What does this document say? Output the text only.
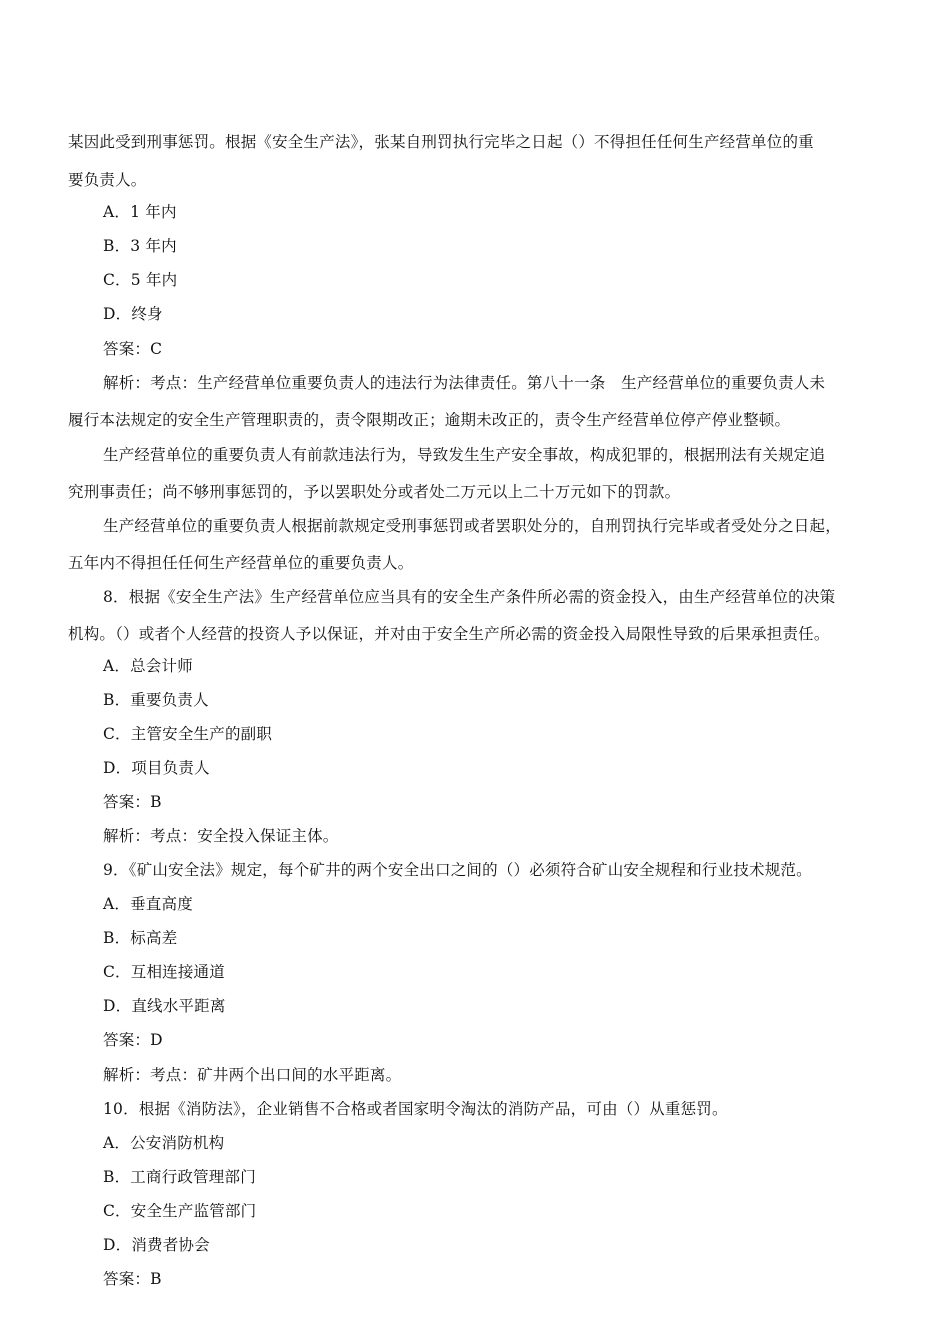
某因此受到刑事惩罚。根据《安全生产法》，张某自刑罚执行完毕之日起（）不得担任任何生产经营单位的重
要负责人。
A．1 年内
B．3 年内
C．5 年内
D．终身
答案：C
解析：考点：生产经营单位重要负责人的违法行为法律责任。第八十一条　生产经营单位的重要负责人未
履行本法规定的安全生产管理职责的，责令限期改正；逾期未改正的，责令生产经营单位停产停业整顿。
生产经营单位的重要负责人有前款违法行为，导致发生生产安全事故，构成犯罪的，根据刑法有关规定追
究刑事责任；尚不够刑事惩罚的，予以罢职处分或者处二万元以上二十万元如下的罚款。
生产经营单位的重要负责人根据前款规定受刑事惩罚或者罢职处分的，自刑罚执行完毕或者受处分之日起，
五年内不得担任任何生产经营单位的重要负责人。
8．根据《安全生产法》生产经营单位应当具有的安全生产条件所必需的资金投入，由生产经营单位的决策
机构。（）或者个人经营的投资人予以保证，并对由于安全生产所必需的资金投入局限性导致的后果承担责任。
A．总会计师
B．重要负责人
C．主管安全生产的副职
D．项目负责人
答案：B
解析：考点：安全投入保证主体。
9．《矿山安全法》规定，每个矿井的两个安全出口之间的（）必须符合矿山安全规程和行业技术规范。
A．垂直高度
B．标高差
C．互相连接通道
D．直线水平距离
答案：D
解析：考点：矿井两个出口间的水平距离。
10．根据《消防法》，企业销售不合格或者国家明令淘汰的消防产品，可由（）从重惩罚。
A．公安消防机构
B．工商行政管理部门
C．安全生产监管部门
D．消费者协会
答案：B
